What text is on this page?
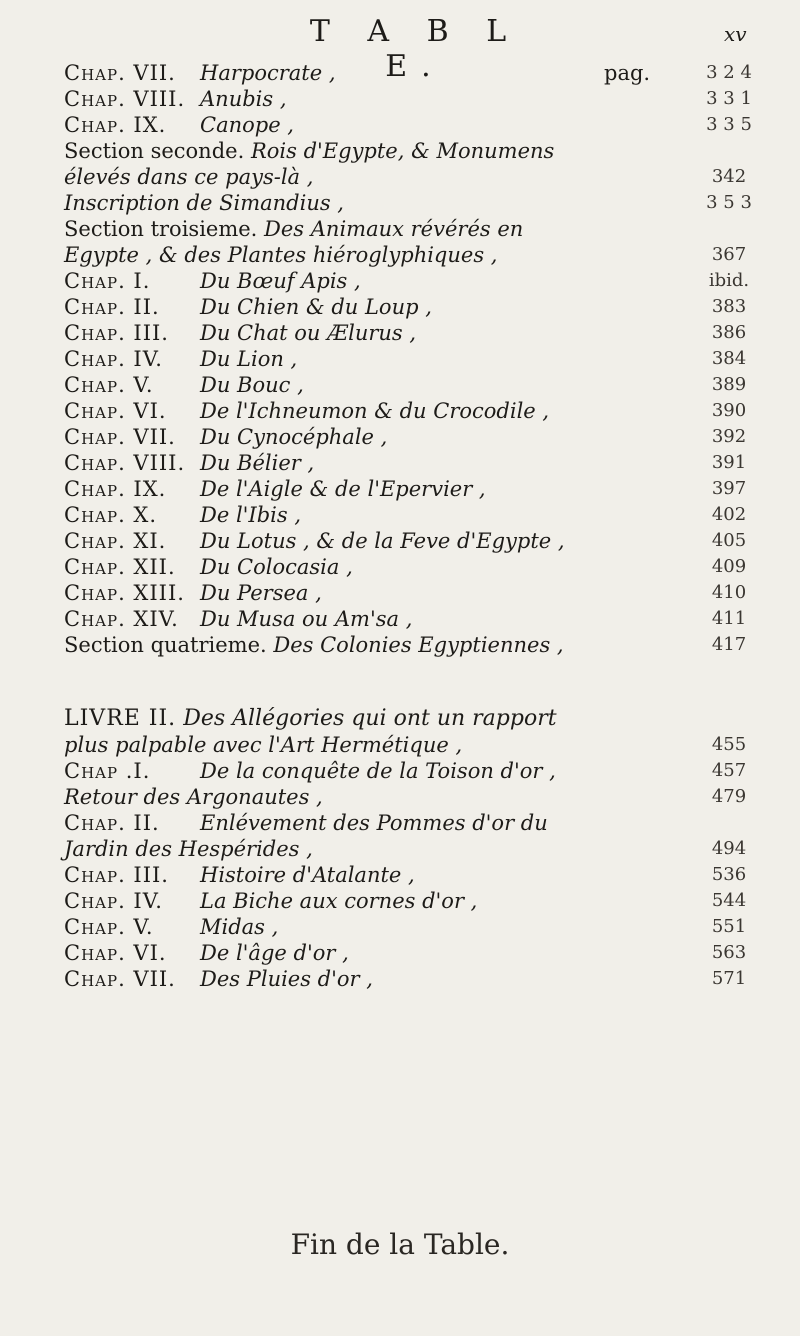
T A B L E.
xv
Chap. VII. Harpocrate ,	pag.	3 2 4
Chap. VIII. Anubis ,	3 3 1
Chap. IX. Canope ,	3 3 5
Section seconde. Rois d'Egypte, & Monumens
élevés dans ce pays-là ,	342
Inscription de Simandius ,	3 5 3
Section troisieme. Des Animaux révérés en
Egypte , & des Plantes hiéroglyphiques ,	367
Chap. I. Du Bœuf Apis ,	ibid.
Chap. II. Du Chien & du Loup ,	383
Chap. III. Du Chat ou Ælurus ,	386
Chap. IV. Du Lion ,	384
Chap. V. Du Bouc ,	389
Chap. VI. De l'Ichneumon & du Crocodile ,	390
Chap. VII. Du Cynocéphale ,	392
Chap. VIII. Du Bélier ,	391
Chap. IX. De l'Aigle & de l'Epervier ,	397
Chap. X. De l'Ibis ,	402
Chap. XI. Du Lotus , & de la Feve d'Egypte ,	405
Chap. XII. Du Colocasia ,	409
Chap. XIII. Du Persea ,	410
Chap. XIV. Du Musa ou Am'sa ,	411
Section quatrieme. Des Colonies Egyptiennes ,	417
LIVRE II. Des Allégories qui ont un rapport
plus palpable avec l'Art Hermétique ,	455
Chap .I. De la conquête de la Toison d'or ,	457
Retour des Argonautes ,	479
Chap. II. Enlévement des Pommes d'or du
Jardin des Hespérides ,	494
Chap. III. Histoire d'Atalante ,	536
Chap. IV. La Biche aux cornes d'or ,	544
Chap. V. Midas ,	551
Chap. VI. De l'âge d'or ,	563
Chap. VII. Des Pluies d'or ,	571
Fin de la Table.
